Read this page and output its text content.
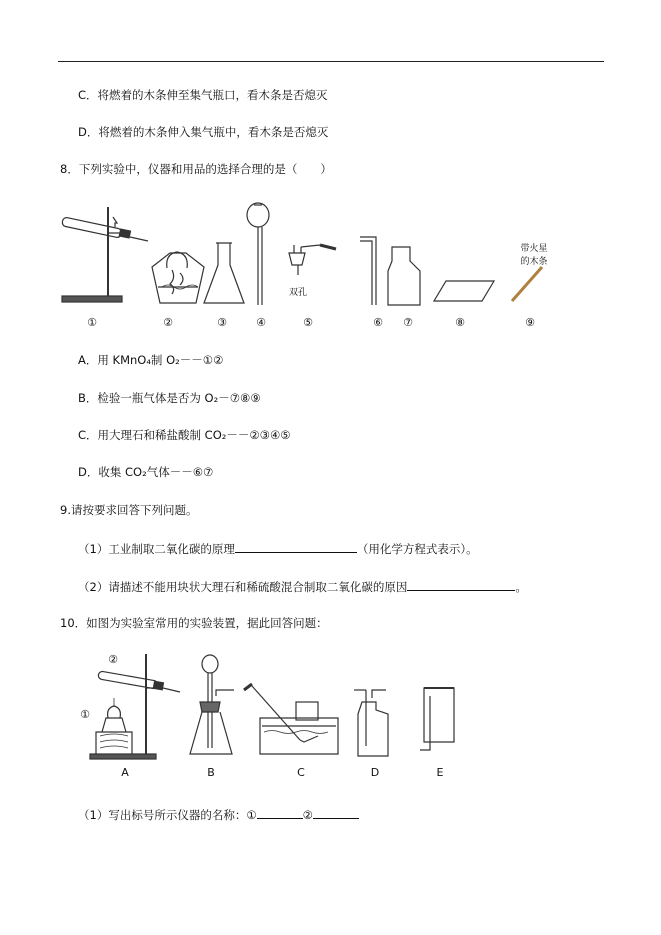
C．将燃着的木条伸至集气瓶口，看木条是否熄灭
D．将燃着的木条伸入集气瓶中，看木条是否熄灭
8．下列实验中，仪器和用品的选择合理的是（　　）
双孔
带火星
的木条
①	②	③	④	⑤	⑥	⑦	⑧	⑨
A．用 KMnO₄制 O₂－－①②
B．检验一瓶气体是否为 O₂－⑦⑧⑨
C．用大理石和稀盐酸制 CO₂－－②③④⑤
D．收集 CO₂气体－－⑥⑦
9.请按要求回答下列问题。
（1）工业制取二氧化碳的原理	（用化学方程式表示）。
（2）请描述不能用块状大理石和稀硫酸混合制取二氧化碳的原因	。
10．如图为实验室常用的实验装置，据此回答问题：
②
①
A	B	C	D	E
（1）写出标号所示仪器的名称：①	②
